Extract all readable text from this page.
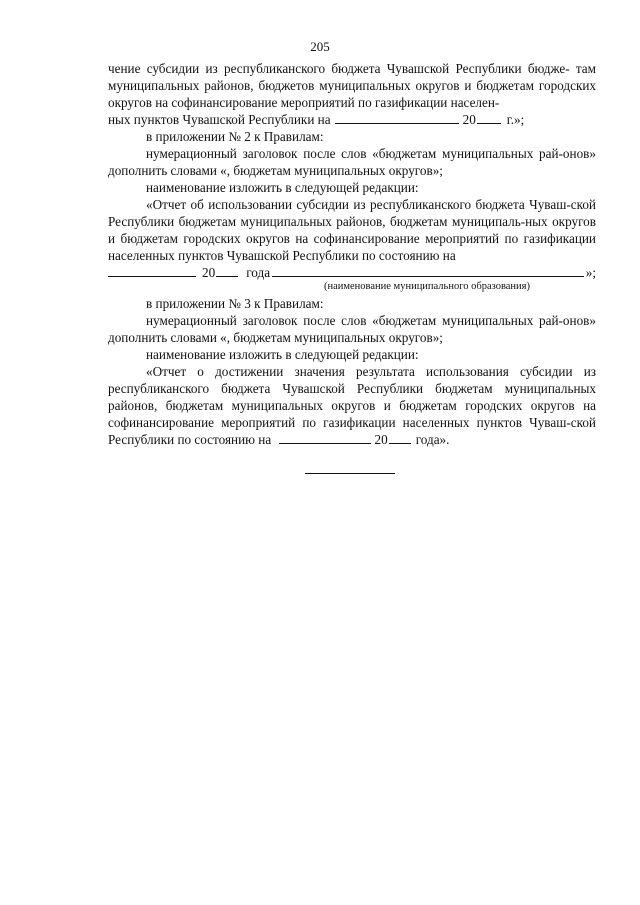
205

чение субсидии из республиканского бюджета Чувашской Республики бюдже- там муниципальных районов, бюджетов муниципальных округов и бюджетам городских округов на софинансирование мероприятий по газификации населен-

ных пунктов Чувашской Республики на	20 г.»;

в приложении № 2 к Правилам:

нумерационный заголовок после слов «бюджетам муниципальных рай-онов» дополнить словами «, бюджетам муниципальных округов»;

наименование изложить в следующей редакции:

«Отчет об использовании субсидии из республиканского бюджета Чуваш-ской Республики бюджетам муниципальных районов, бюджетам муниципаль-ных округов и бюджетам городских округов на софинансирование мероприятий по газификации населенных пунктов Чувашской Республики по состоянию на

20 года	»;
(наименование муниципального образования)

в приложении № 3 к Правилам:

нумерационный заголовок после слов «бюджетам муниципальных рай-онов» дополнить словами «, бюджетам муниципальных округов»;

наименование изложить в следующей редакции:

«Отчет о достижении значения результата использования субсидии из республиканского бюджета Чувашской Республики бюджетам муниципальных районов, бюджетам муниципальных округов и бюджетам городских округов на софинансирование мероприятий по газификации населенных пунктов Чуваш-ской Республики по состоянию на	20 года».
